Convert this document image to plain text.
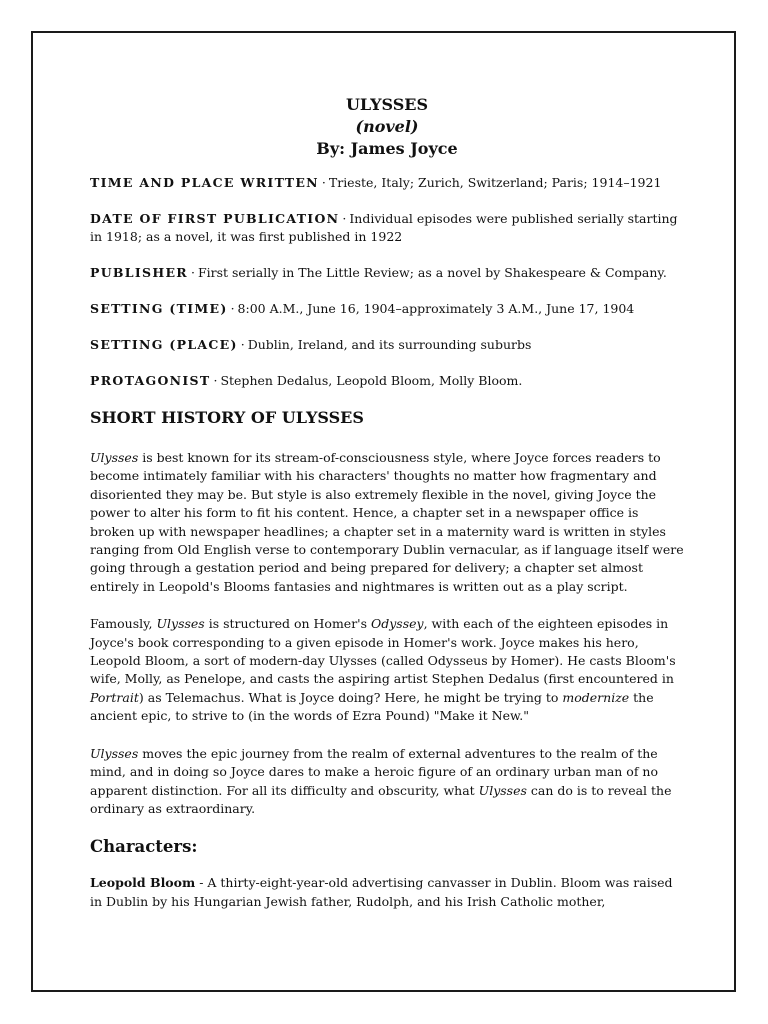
ULYSSES
(novel)
By: James Joyce
TIME AND PLACE WRITTEN · Trieste, Italy; Zurich, Switzerland; Paris; 1914–1921
DATE OF FIRST PUBLICATION · Individual episodes were published serially starting in 1918; as a novel, it was first published in 1922
PUBLISHER · First serially in The Little Review; as a novel by Shakespeare & Company.
SETTING (TIME) · 8:00 A.M., June 16, 1904–approximately 3 A.M., June 17, 1904
SETTING (PLACE) · Dublin, Ireland, and its surrounding suburbs
PROTAGONIST · Stephen Dedalus, Leopold Bloom, Molly Bloom.
SHORT HISTORY OF ULYSSES

Ulysses is best known for its stream-of-consciousness style, where Joyce forces readers to become intimately familiar with his characters' thoughts no matter how fragmentary and disoriented they may be. But style is also extremely flexible in the novel, giving Joyce the power to alter his form to fit his content. Hence, a chapter set in a newspaper office is broken up with newspaper headlines; a chapter set in a maternity ward is written in styles ranging from Old English verse to contemporary Dublin vernacular, as if language itself were going through a gestation period and being prepared for delivery; a chapter set almost entirely in Leopold's Blooms fantasies and nightmares is written out as a play script.

Famously, Ulysses is structured on Homer's Odyssey, with each of the eighteen episodes in Joyce's book corresponding to a given episode in Homer's work. Joyce makes his hero, Leopold Bloom, a sort of modern-day Ulysses (called Odysseus by Homer). He casts Bloom's wife, Molly, as Penelope, and casts the aspiring artist Stephen Dedalus (first encountered in Portrait) as Telemachus. What is Joyce doing? Here, he might be trying to modernize the ancient epic, to strive to (in the words of Ezra Pound) "Make it New."

Ulysses moves the epic journey from the realm of external adventures to the realm of the mind, and in doing so Joyce dares to make a heroic figure of an ordinary urban man of no apparent distinction. For all its difficulty and obscurity, what Ulysses can do is to reveal the ordinary as extraordinary.

Characters:

Leopold Bloom - A thirty-eight-year-old advertising canvasser in Dublin. Bloom was raised in Dublin by his Hungarian Jewish father, Rudolph, and his Irish Catholic mother,
